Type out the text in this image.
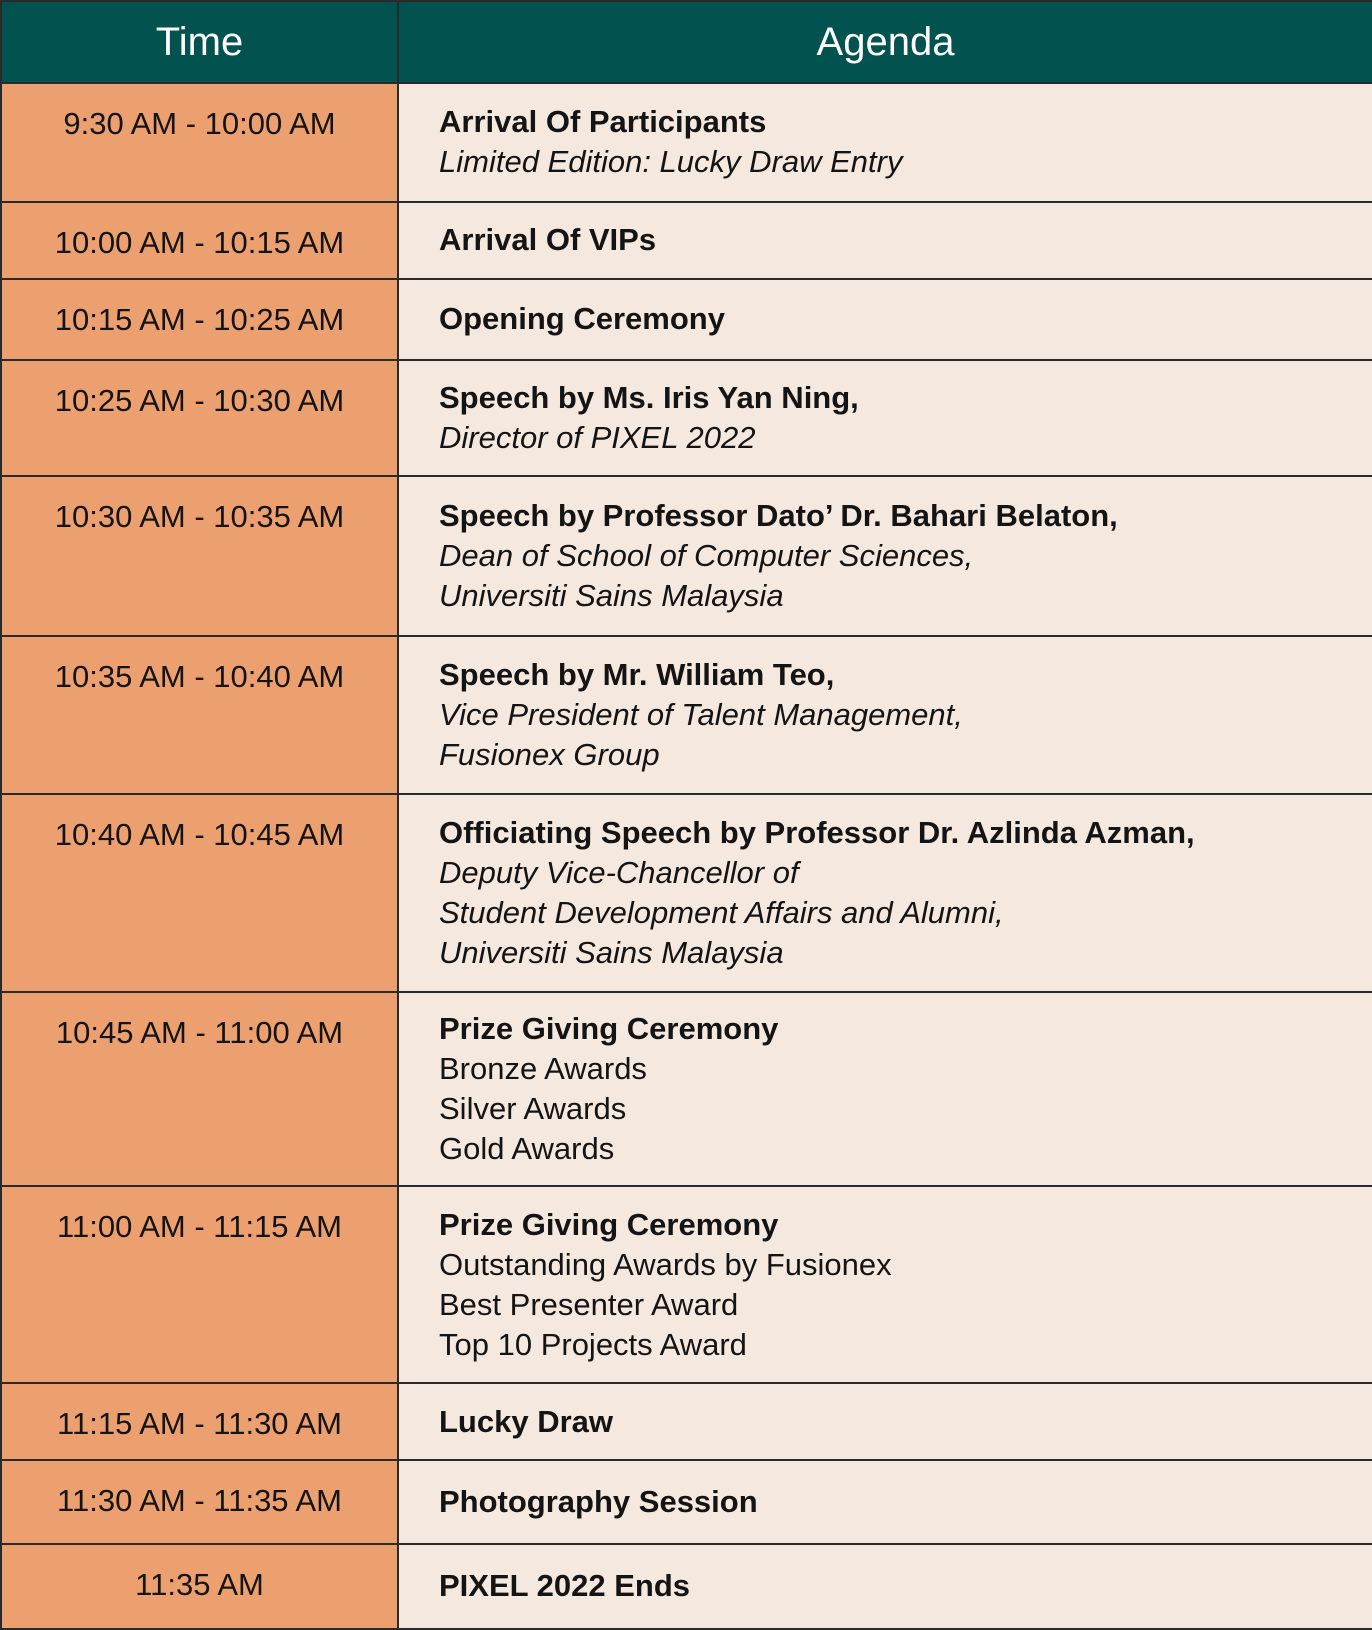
Time	Agenda
9:30 AM - 10:00 AM	Arrival Of Participants
Limited Edition: Lucky Draw Entry

10:00 AM - 10:15 AM	Arrival Of VIPs

10:15 AM - 10:25 AM	Opening Ceremony

10:25 AM - 10:30 AM	Speech by Ms. Iris Yan Ning,
Director of PIXEL 2022

10:30 AM - 10:35 AM	Speech by Professor Dato’ Dr. Bahari Belaton,
Dean of School of Computer Sciences,
Universiti Sains Malaysia

10:35 AM - 10:40 AM	Speech by Mr. William Teo,
Vice President of Talent Management,
Fusionex Group

10:40 AM - 10:45 AM	Officiating Speech by Professor Dr. Azlinda Azman,
Deputy Vice-Chancellor of
Student Development Affairs and Alumni,
Universiti Sains Malaysia

10:45 AM - 11:00 AM	Prize Giving Ceremony
Bronze Awards
Silver Awards
Gold Awards

11:00 AM - 11:15 AM	Prize Giving Ceremony
Outstanding Awards by Fusionex
Best Presenter Award
Top 10 Projects Award

11:15 AM - 11:30 AM	Lucky Draw

11:30 AM - 11:35 AM	Photography Session

11:35 AM	PIXEL 2022 Ends
